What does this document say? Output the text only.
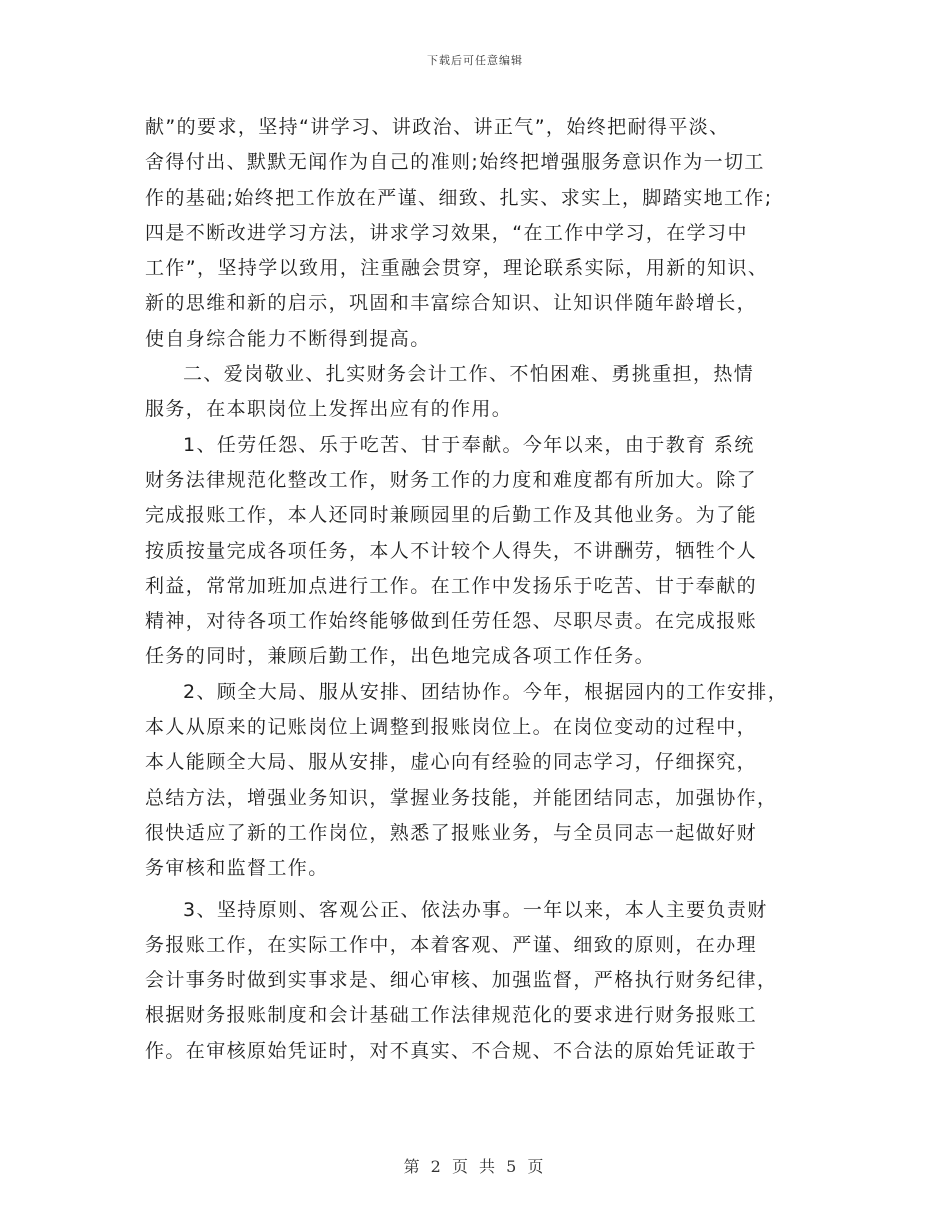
下载后可任意编辑
献”的要求，坚持“讲学习、讲政治、讲正气”，始终把耐得平淡、
舍得付出、默默无闻作为自己的准则;始终把增强服务意识作为一切工
作的基础;始终把工作放在严谨、细致、扎实、求实上，脚踏实地工作;
四是不断改进学习方法，讲求学习效果，“在工作中学习，在学习中
工作”，坚持学以致用，注重融会贯穿，理论联系实际，用新的知识、
新的思维和新的启示，巩固和丰富综合知识、让知识伴随年龄增长，
使自身综合能力不断得到提高。
二、爱岗敬业、扎实财务会计工作、不怕困难、勇挑重担，热情
服务，在本职岗位上发挥出应有的作用。
1、任劳任怨、乐于吃苦、甘于奉献。今年以来，由于教育 系统
财务法律规范化整改工作，财务工作的力度和难度都有所加大。除了
完成报账工作，本人还同时兼顾园里的后勤工作及其他业务。为了能
按质按量完成各项任务，本人不计较个人得失，不讲酬劳，牺牲个人
利益，常常加班加点进行工作。在工作中发扬乐于吃苦、甘于奉献的
精神，对待各项工作始终能够做到任劳任怨、尽职尽责。在完成报账
任务的同时，兼顾后勤工作，出色地完成各项工作任务。
2、顾全大局、服从安排、团结协作。今年，根据园内的工作安排，
本人从原来的记账岗位上调整到报账岗位上。在岗位变动的过程中，
本人能顾全大局、服从安排，虚心向有经验的同志学习，仔细探究，
总结方法，增强业务知识，掌握业务技能，并能团结同志，加强协作，
很快适应了新的工作岗位，熟悉了报账业务，与全员同志一起做好财
务审核和监督工作。
3、坚持原则、客观公正、依法办事。一年以来，本人主要负责财
务报账工作，在实际工作中，本着客观、严谨、细致的原则，在办理
会计事务时做到实事求是、细心审核、加强监督，严格执行财务纪律，
根据财务报账制度和会计基础工作法律规范化的要求进行财务报账工
作。在审核原始凭证时，对不真实、不合规、不合法的原始凭证敢于
第 2 页 共 5 页
